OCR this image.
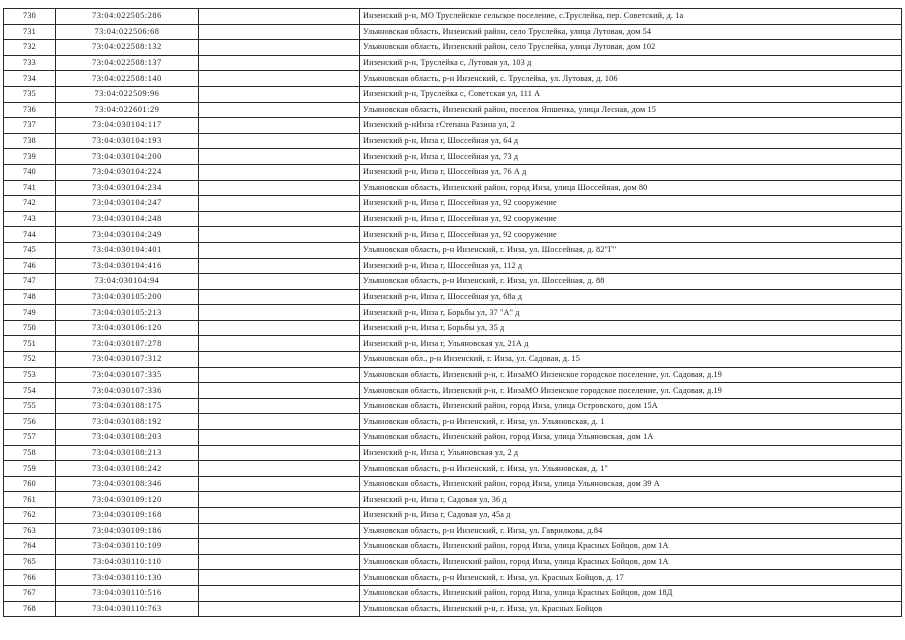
730	73:04:022505:286		Инзенский р-н, МО Труслейское сельское поселение, с.Труслейка, пер. Советский, д. 1а
731	73:04:022506:68		Ульяновская область, Инзенский район, село Труслейка, улица Лутовая, дом 54
732	73:04:022508:132		Ульяновская область, Инзенский район, село Труслейка, улица Лутовая, дом 102
733	73:04:022508:137		Инзенский р-н, Труслейка с, Лутовая ул, 103 д
734	73:04:022508:140		Ульяновская область, р-н Инзенский, с. Труслейка, ул. Лутовая, д. 106
735	73:04:022509:96		Инзенский р-н, Труслейка с, Советская ул, 111 А
736	73:04:022601:29		Ульяновская область, Инзенский район, поселок Япшенка, улица Лесная, дом 15
737	73:04:030104:117		Инзенский р-нИнза гСтепана Разина ул, 2
738	73:04:030104:193		Инзенский р-н, Инза г, Шоссейная ул, 64 д
739	73:04:030104:200		Инзенский р-н, Инза г, Шоссейная ул, 73 д
740	73:04:030104:224		Инзенский р-н, Инза г, Шоссейная ул, 76 А д
741	73:04:030104:234		Ульяновская область, Инзенский район, город Инза, улица Шоссейная, дом 80
742	73:04:030104:247		Инзенский р-н, Инза г, Шоссейная ул, 92 сооружение
743	73:04:030104:248		Инзенский р-н, Инза г, Шоссейная ул, 92 сооружение
744	73:04:030104:249		Инзенский р-н, Инза г, Шоссейная ул, 92 сооружение
745	73:04:030104:401		Ульяновская область, р-н Инзенский, г. Инза, ул. Шоссейная, д. 82"Г"
746	73:04:030104:416		Инзенский р-н, Инза г, Шоссейная ул, 112 д
747	73:04:030104:94		Ульяновская область, р-н Инзенский, г. Инза, ул. Шоссейная, д. 88
748	73:04:030105:200		Инзенский р-н, Инза г, Шоссейная ул, 68а д
749	73:04:030105:213		Инзенский р-н, Инза г, Борьбы ул, 37 "А" д
750	73:04:030106:120		Инзенский р-н, Инза г, Борьбы ул, 35 д
751	73:04:030107:278		Инзенский р-н, Инза г, Ульяновская ул, 21А д
752	73:04:030107:312		Ульяновская обл., р-н Инзенский, г. Инза, ул. Садовая, д. 15
753	73:04:030107:335		Ульяновская область, Инзенский р-н, г. ИнзаМО Инзенское городское поселение, ул. Садовая, д.19
754	73:04:030107:336		Ульяновская область, Инзенский р-н, г. ИнзаМО Инзенское городское поселение, ул. Садовая, д.19
755	73:04:030108:175		Ульяновская область, Инзенский район, город Инза, улица Островского, дом 15А
756	73:04:030108:192		Ульяновская область, р-н Инзенский, г. Инза, ул. Ульяновская, д. 1
757	73:04:030108:203		Ульяновская область, Инзенский район, город Инза, улица Ульяновская, дом 1А
758	73:04:030108:213		Инзенский р-н, Инза г, Ульяновская ул, 2 д
759	73:04:030108:242		Ульяновская область, р-н Инзенский, г. Инза, ул. Ульяновская, д. 1"
760	73:04:030108:346		Ульяновская область, Инзенский район, город Инза, улица Ульяновская, дом 39 А
761	73:04:030109:120		Инзенский р-н, Инза г, Садовая ул, 36 д
762	73:04:030109:168		Инзенский р-н, Инза г, Садовая ул, 45а д
763	73:04:030109:186		Ульяновская область, р-н Инзенский, г. Инза, ул. Гаврилкова, д.84
764	73:04:030110:109		Ульяновская область, Инзенский район, город Инза, улица Красных Бойцов, дом 1А
765	73:04:030110:110		Ульяновская область, Инзенский район, город Инза, улица Красных Бойцов, дом 1А
766	73:04:030110:130		Ульяновская область, р-н Инзенский, г. Инза, ул. Красных Бойцов, д. 17
767	73:04:030110:516		Ульяновская область, Инзенский район, город Инза, улица Красных Бойцов, дом 18Д
768	73:04:030110:763		Ульяновская область, Инзенский р-н, г. Инза, ул. Красных Бойцов
